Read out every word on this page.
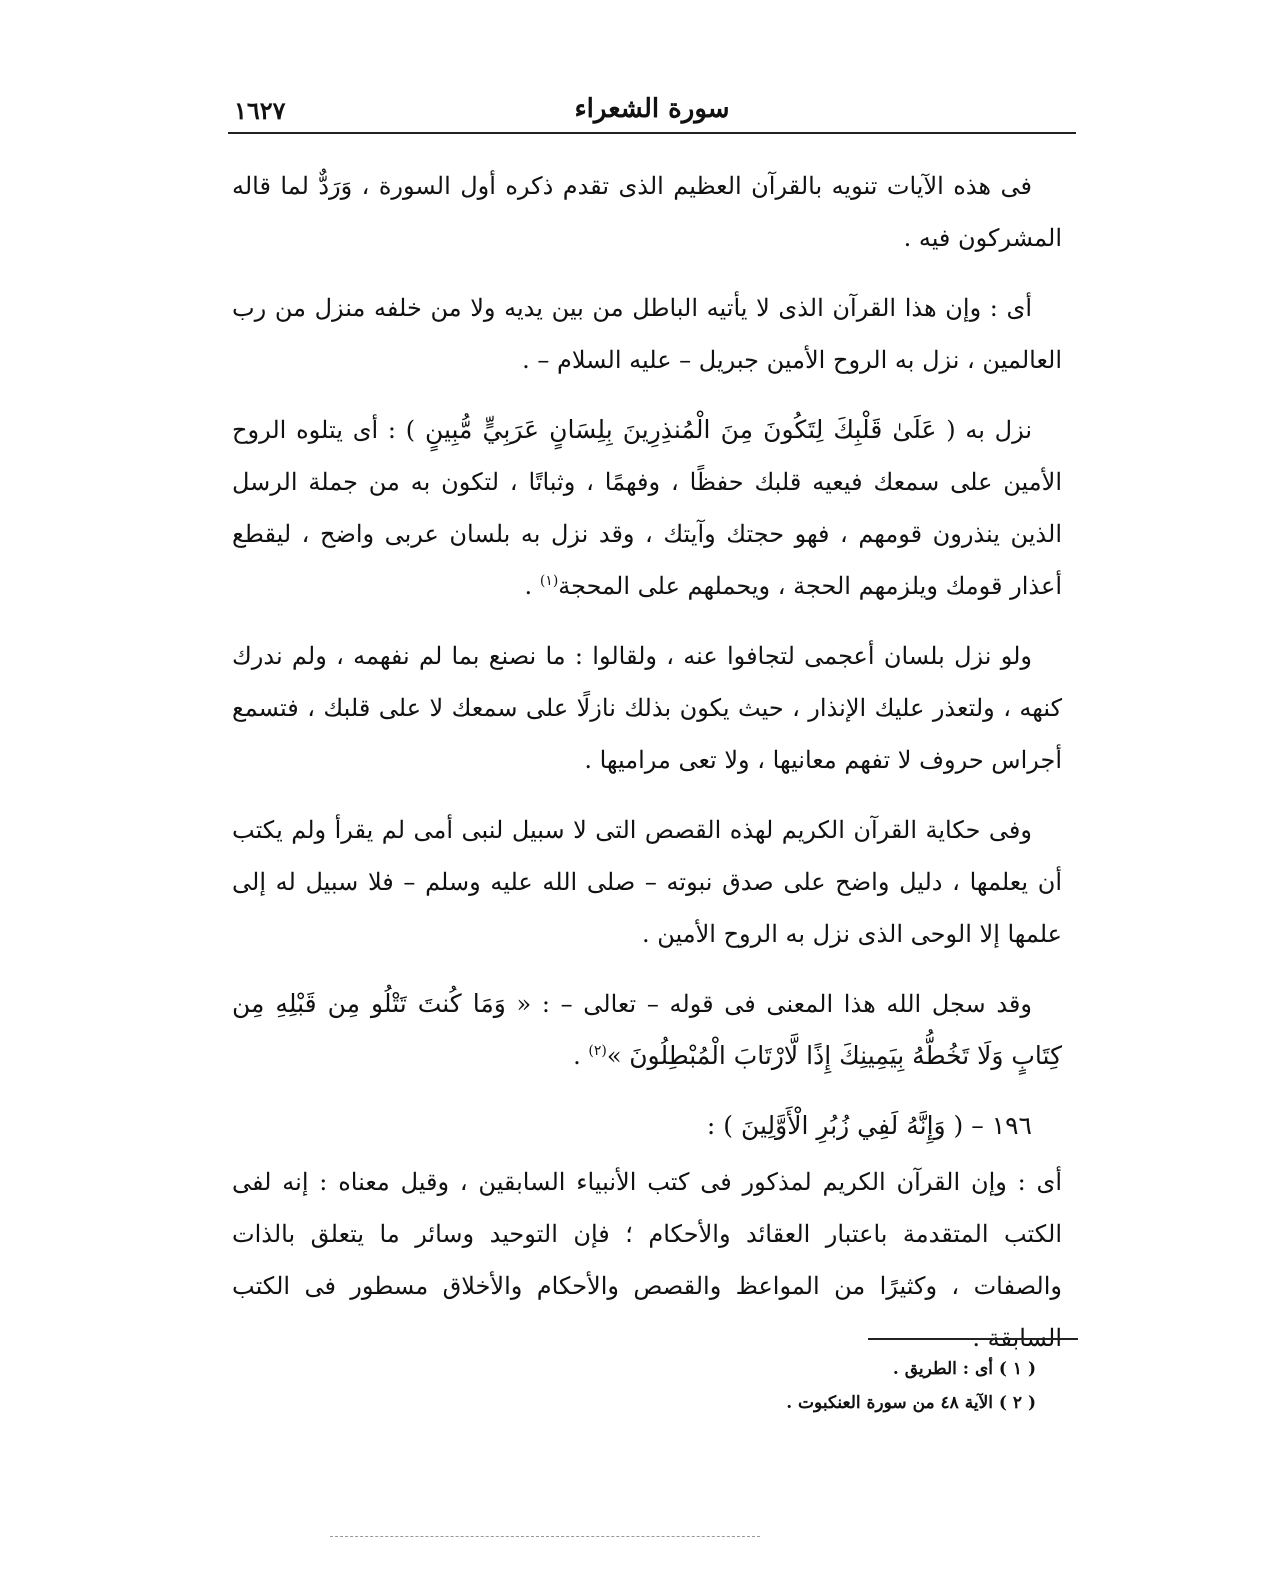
سورة الشعراء
١٦٢٧

فى هذه الآيات تنويه بالقرآن العظيم الذى تقدم ذكره أول السورة ، وَرَدٌّ لما قاله المشركون فيه .

أى : وإن هذا القرآن الذى لا يأتيه الباطل من بين يديه ولا من خلفه منزل من رب العالمين ، نزل به الروح الأمين جبريل – عليه السلام – .

نزل به ( عَلَىٰ قَلْبِكَ لِتَكُونَ مِنَ الْمُنذِرِينَ بِلِسَانٍ عَرَبِيٍّ مُّبِينٍ ) : أى يتلوه الروح الأمين على سمعك فيعيه قلبك حفظًا ، وفهمًا ، وثباتًا ، لتكون به من جملة الرسل الذين ينذرون قومهم ، فهو حجتك وآيتك ، وقد نزل به بلسان عربى واضح ، ليقطع أعذار قومك ويلزمهم الحجة ، ويحملهم على المحجة$^{(١)}$ .

ولو نزل بلسان أعجمى لتجافوا عنه ، ولقالوا : ما نصنع بما لم نفهمه ، ولم ندرك كنهه ، ولتعذر عليك الإنذار ، حيث يكون بذلك نازلًا على سمعك لا على قلبك ، فتسمع أجراس حروف لا تفهم معانيها ، ولا تعى مراميها .

وفى حكاية القرآن الكريم لهذه القصص التى لا سبيل لنبى أمى لم يقرأ ولم يكتب أن يعلمها ، دليل واضح على صدق نبوته – صلى الله عليه وسلم – فلا سبيل له إلى علمها إلا الوحى الذى نزل به الروح الأمين .

وقد سجل الله هذا المعنى فى قوله – تعالى – : « وَمَا كُنتَ تَتْلُو مِن قَبْلِهِ مِن كِتَابٍ وَلَا تَخُطُّهُ بِيَمِينِكَ إِذًا لَّارْتَابَ الْمُبْطِلُونَ »$^{(٢)}$ .

١٩٦ – ( وَإِنَّهُ لَفِي زُبُرِ الْأَوَّلِينَ ) :

أى : وإن القرآن الكريم لمذكور فى كتب الأنبياء السابقين ، وقيل معناه : إنه لفى الكتب المتقدمة باعتبار العقائد والأحكام ؛ فإن التوحيد وسائر ما يتعلق بالذات والصفات ، وكثيرًا من المواعظ والقصص والأحكام والأخلاق مسطور فى الكتب السابقة .

( ١ ) أى : الطريق .

( ٢ ) الآية ٤٨ من سورة العنكبوت .
